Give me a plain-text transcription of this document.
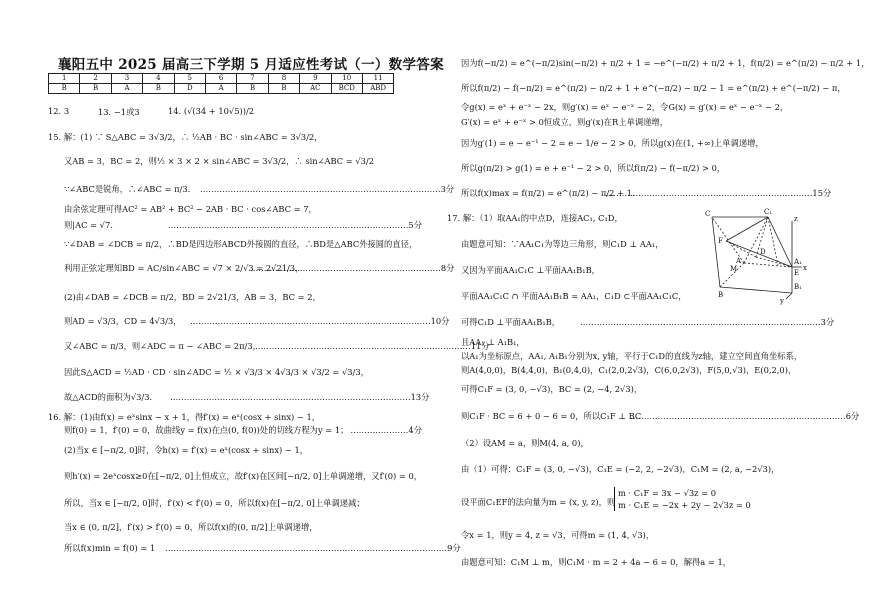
襄阳五中 2025 届高三下学期 5 月适应性考试（一）数学答案
1	2	3	4	5	6	7	8	9	10	11
B	B	A	B	D	A	B	B	AC	BCD	ABD
12. 3	13. −1或3	14. (√(34 + 10√5))/2
15. 解：(1) ∵ S△ABC = 3√3/2，∴ ½AB · BC · sin∠ABC = 3√3/2，
又AB = 3，BC = 2，则½ × 3 × 2 × sin∠ABC = 3√3/2，∴ sin∠ABC = √3/2
∵∠ABC是锐角，∴∠ABC = π/3. ……………………………………………………………………………3分
由余弦定理可得AC² = AB² + BC² − 2AB · BC · cos∠ABC = 7，
则|AC = √7.	……………………………………………………………………………5分
∵∠DAB = ∠DCB = π/2，∴BD是四边形ABCD外接圆的直径，∴BD是△ABC外接圆的直径，
利用正弦定理知BD = AC/sin∠ABC = √7 × 2/√3 = 2√21/3，
……………………………………………………………8分
(2)由∠DAB = ∠DCB = π/2，BD = 2√21/3，AB = 3，BC = 2，
则AD = √3/3，CD = 4√3/3， ……………………………………………………………………………10分
又∠ABC = π/3，则∠ADC = π − ∠ABC = 2π/3，
……………………………………………………………………11分
因此S△ACD = ½AD · CD · sin∠ADC = ½ × √3/3 × 4√3/3 × √3/2 = √3/3，
故△ACD的面积为√3/3. ……………………………………………………………………………13分
16. 解：(1)由f(x) = eˣsinx − x + 1，得f′(x) = eˣ(cosx + sinx) − 1，
则f(0) = 1，f′(0) = 0，故曲线y = f(x)在点(0, f(0))处的切线方程为y = 1； …………………4分
(2)当x ∈ [−π/2, 0]时，令h(x) = f′(x) = eˣ(cosx + sinx) − 1，
则h′(x) = 2eˣcosx≥0在[−π/2, 0]上恒成立，故f′(x)在区间[−π/2, 0]上单调递增，又f′(0) = 0，
所以，当x ∈ [−π/2, 0]时，f′(x) < f′(0) = 0，所以f(x)在[−π/2, 0]上单调递减；
当x ∈ (0, π/2]，f′(x) > f′(0) = 0，所以f(x)的(0, π/2]上单调递增，
所以f(x)min = f(0) = 1 …………………………………………………………………………………………9分
因为f(−π/2) = e^(−π/2)sin(−π/2) + π/2 + 1 = −e^(−π/2) + π/2 + 1，f(π/2) = e^(π/2) − π/2 + 1，
所以f(π/2) − f(−π/2) = e^(π/2) − π/2 + 1 + e^(−π/2) − π/2 − 1 = e^(π/2) + e^(−π/2) − π，
令g(x) = eˣ + e⁻ˣ − 2x，则g′(x) = eˣ − e⁻ˣ − 2，令G(x) = g′(x) = eˣ − e⁻ˣ − 2，
G′(x) = eˣ + e⁻ˣ > 0恒成立，则g′(x)在R上单调递增，
因为g′(1) = e − e⁻¹ − 2 = e − 1/e − 2 > 0，所以g(x)在(1, +∞)上单调递增，
所以g(π/2) > g(1) = e + e⁻¹ − 2 > 0，所以f(π/2) − f(−π/2) > 0，
所以f(x)max = f(π/2) = e^(π/2) − π/2 + 1.
…………………………………………………………………15分
17. 解：（1）取AA₁的中点D，连接AC₁, C₁D，
由题意可知：∵AA₁C₁为等边三角形，则C₁D ⊥ AA₁，
又因为平面AA₁C₁C ⊥平面AA₁B₁B，
平面AA₁C₁C ∩ 平面AA₁B₁B = AA₁，C₁D ⊂平面AA₁C₁C，
可得C₁D ⊥平面AA₁B₁B， ……………………………………………………………………………3分
且AA₁ ⊥ A₁B₁，
以A₁为坐标原点，AA₁, A₁B₁分别为x, y轴，平行于C₁D的直线为z轴，建立空间直角坐标系，
则A(4,0,0)，B(4,4,0)，B₁(0,4,0)，C₁(2,0,2√3)，C(6,0,2√3)，F(5,0,√3)，E(0,2,0)，
可得C₁F = (3, 0, −√3)，BC = (2, −4, 2√3)，
则C₁F · BC = 6 + 0 − 6 = 0，所以C₁F ⊥ BC
……………………………………………………………………6分
（2）设AM = a，则M(4, a, 0)，
由（1）可得：C₁F = (3, 0, −√3)，C₁E = (−2, 2, −2√3)，C₁M = (2, a, −2√3)，
设平面C₁EF的法向量为m = (x, y, z)，则
m · C₁F = 3x − √3z = 0
m · C₁E = −2x + 2y − 2√3z = 0
令x = 1，则y = 4, z = √3，可得m = (1, 4, √3)，
由题意可知：C₁M ⊥ m，则C₁M · m = 2 + 4a − 6 = 0，解得a = 1，
C	C₁
F
D
A₁
A
M	E
B
B₁
z
x
y
